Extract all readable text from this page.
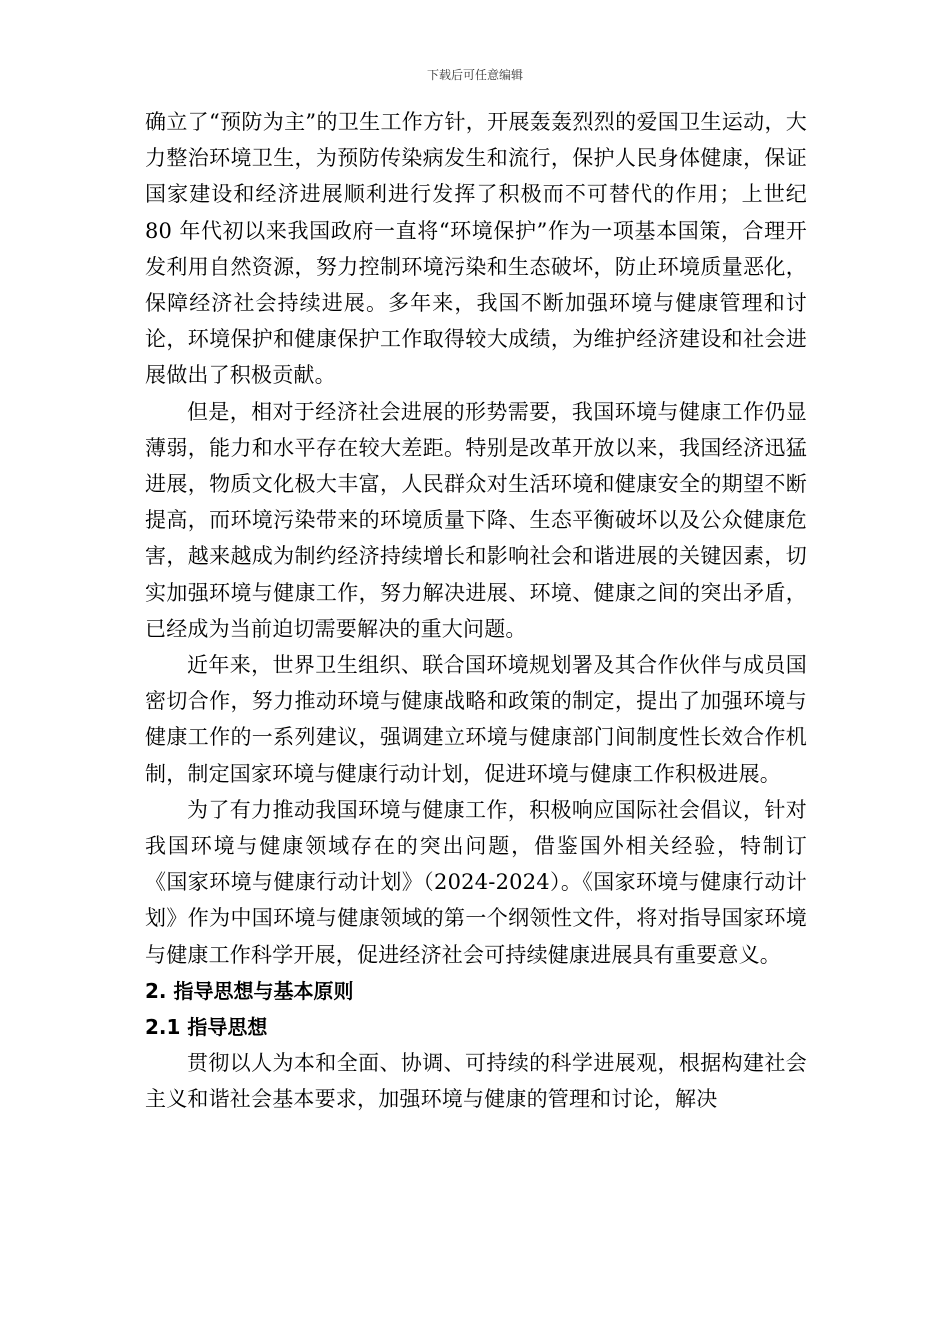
下载后可任意编辑

确立了“预防为主”的卫生工作方针，开展轰轰烈烈的爱国卫生运动，大力整治环境卫生，为预防传染病发生和流行，保护人民身体健康，保证国家建设和经济进展顺利进行发挥了积极而不可替代的作用；上世纪80 年代初以来我国政府一直将“环境保护”作为一项基本国策，合理开发利用自然资源，努力控制环境污染和生态破坏，防止环境质量恶化，保障经济社会持续进展。多年来，我国不断加强环境与健康管理和讨论，环境保护和健康保护工作取得较大成绩，为维护经济建设和社会进展做出了积极贡献。

但是，相对于经济社会进展的形势需要，我国环境与健康工作仍显薄弱，能力和水平存在较大差距。特别是改革开放以来，我国经济迅猛进展，物质文化极大丰富，人民群众对生活环境和健康安全的期望不断提高，而环境污染带来的环境质量下降、生态平衡破坏以及公众健康危害，越来越成为制约经济持续增长和影响社会和谐进展的关键因素，切实加强环境与健康工作，努力解决进展、环境、健康之间的突出矛盾，已经成为当前迫切需要解决的重大问题。

近年来，世界卫生组织、联合国环境规划署及其合作伙伴与成员国密切合作，努力推动环境与健康战略和政策的制定，提出了加强环境与健康工作的一系列建议，强调建立环境与健康部门间制度性长效合作机制，制定国家环境与健康行动计划，促进环境与健康工作积极进展。

为了有力推动我国环境与健康工作，积极响应国际社会倡议，针对我国环境与健康领域存在的突出问题，借鉴国外相关经验，特制订 《国家环境与健康行动计划》（2024-2024）。《国家环境与健康行动计划》作为中国环境与健康领域的第一个纲领性文件，将对指导国家环境与健康工作科学开展，促进经济社会可持续健康进展具有重要意义。

2. 指导思想与基本原则
2.1 指导思想

贯彻以人为本和全面、协调、可持续的科学进展观，根据构建社会主义和谐社会基本要求，加强环境与健康的管理和讨论，解决
